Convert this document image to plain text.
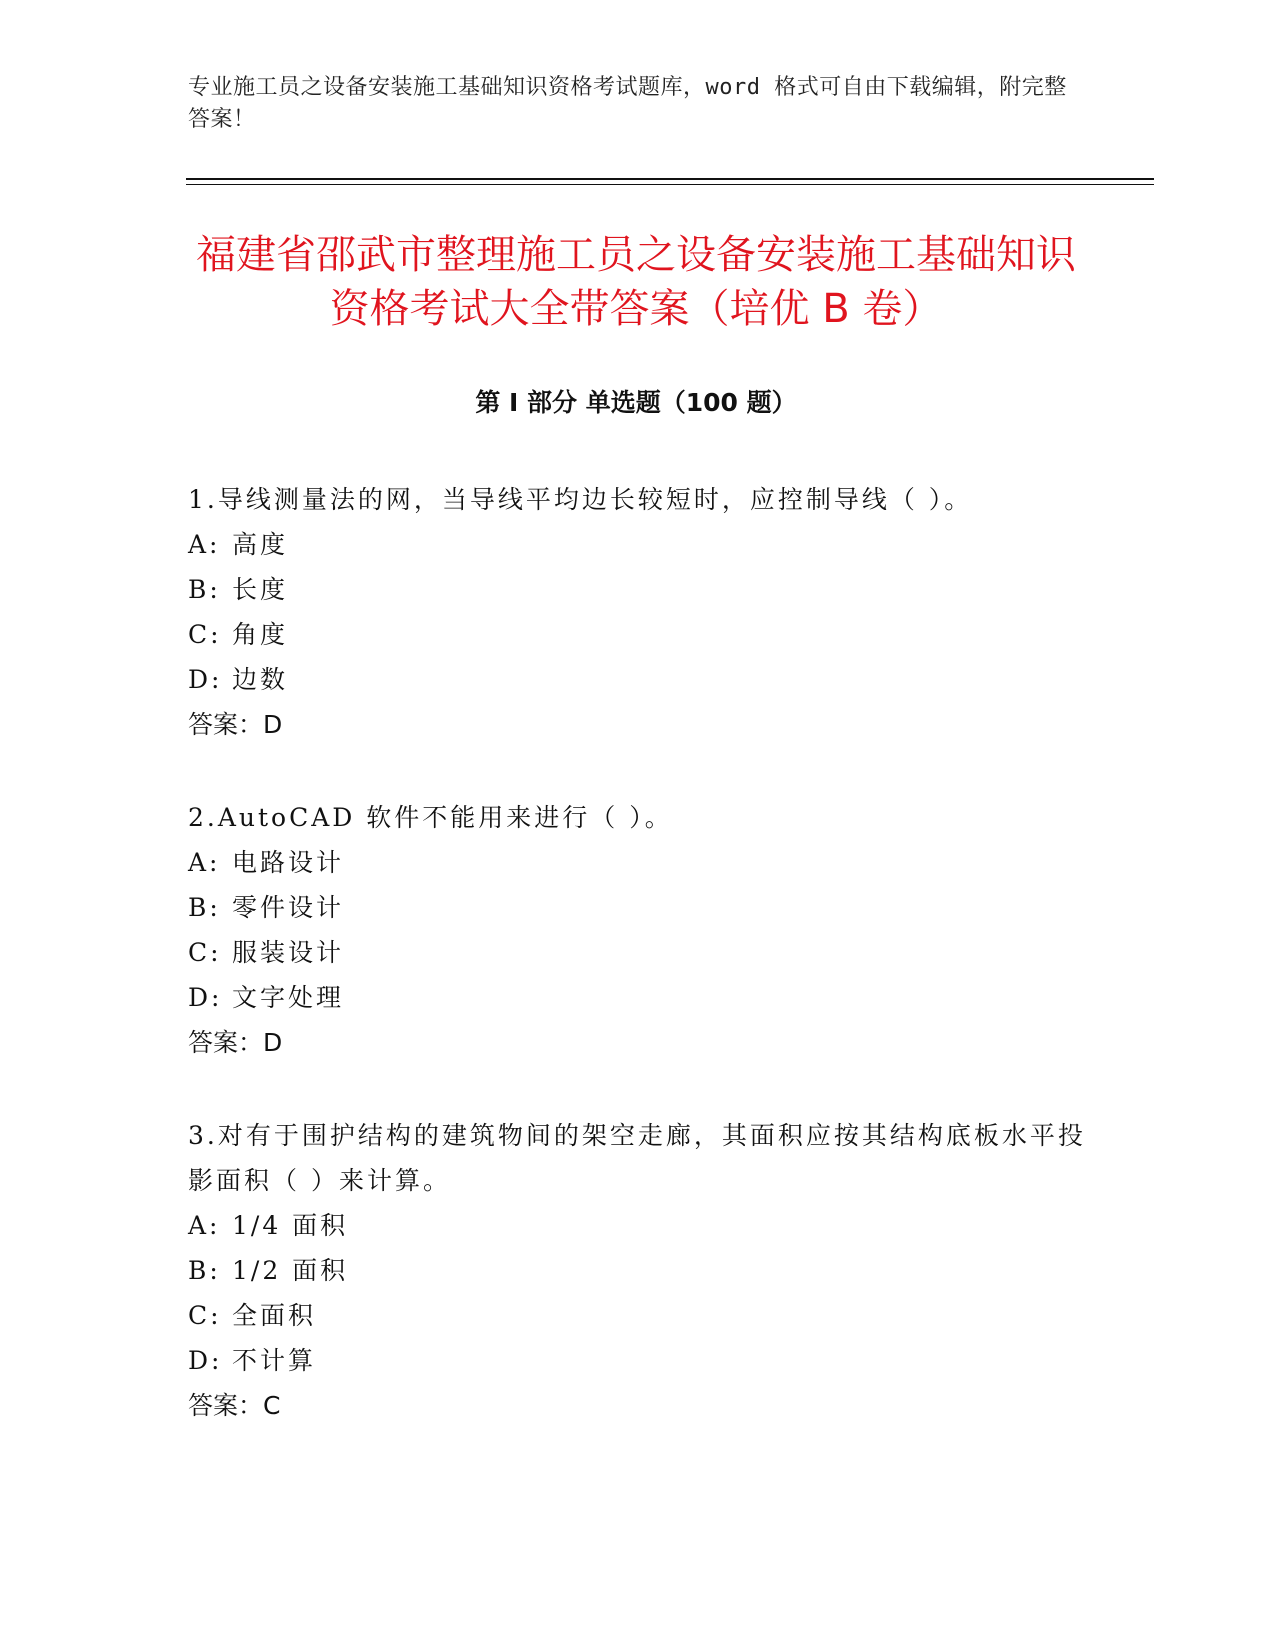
专业施工员之设备安装施工基础知识资格考试题库，word 格式可自由下载编辑，附完整答案！
福建省邵武市整理施工员之设备安装施工基础知识资格考试大全带答案（培优 B 卷）
第 I 部分 单选题（100 题）
1.导线测量法的网，当导线平均边长较短时，应控制导线（ ）。
A: 高度
B: 长度
C: 角度
D: 边数
答案：D
2.AutoCAD 软件不能用来进行（ ）。
A: 电路设计
B: 零件设计
C: 服装设计
D: 文字处理
答案：D
3.对有于围护结构的建筑物间的架空走廊，其面积应按其结构底板水平投影面积（ ）来计算。
A: 1/4 面积
B: 1/2 面积
C: 全面积
D: 不计算
答案：C
